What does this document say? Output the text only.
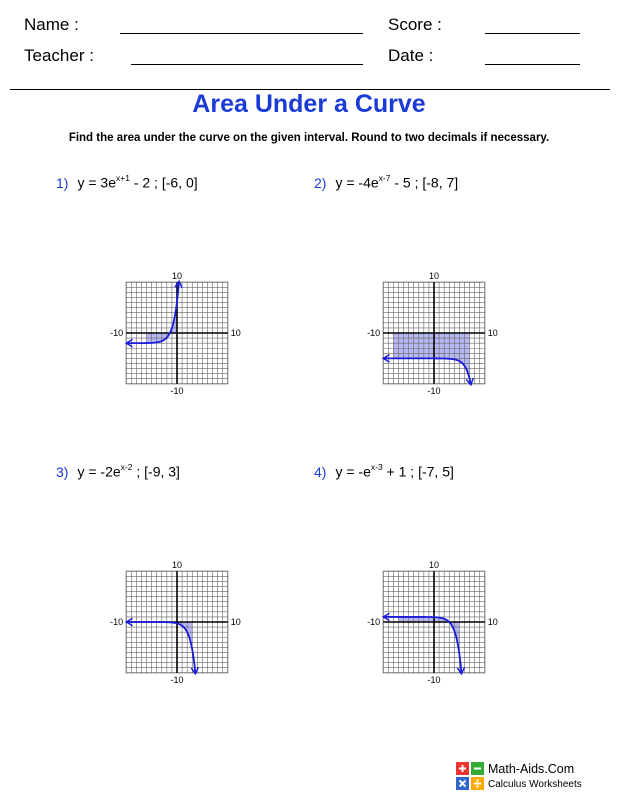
Name :	Score :
Teacher :	Date :
Area Under a Curve
Find the area under the curve on the given interval. Round to two decimals if necessary.
1) $y = 3e^{x+1} - 2$ ; [-6, 0]	2) $y = -4e^{x-7} - 5$ ; [-8, 7]
3) $y = -2e^{x-2}$ ; [-9, 3]	4) $y = -e^{x-3} + 1$ ; [-7, 5]
10
-10
-10	10
10
-10
-10	10
10
-10
-10	10
10
-10
-10	10
Math-Aids.Com
Calculus Worksheets
